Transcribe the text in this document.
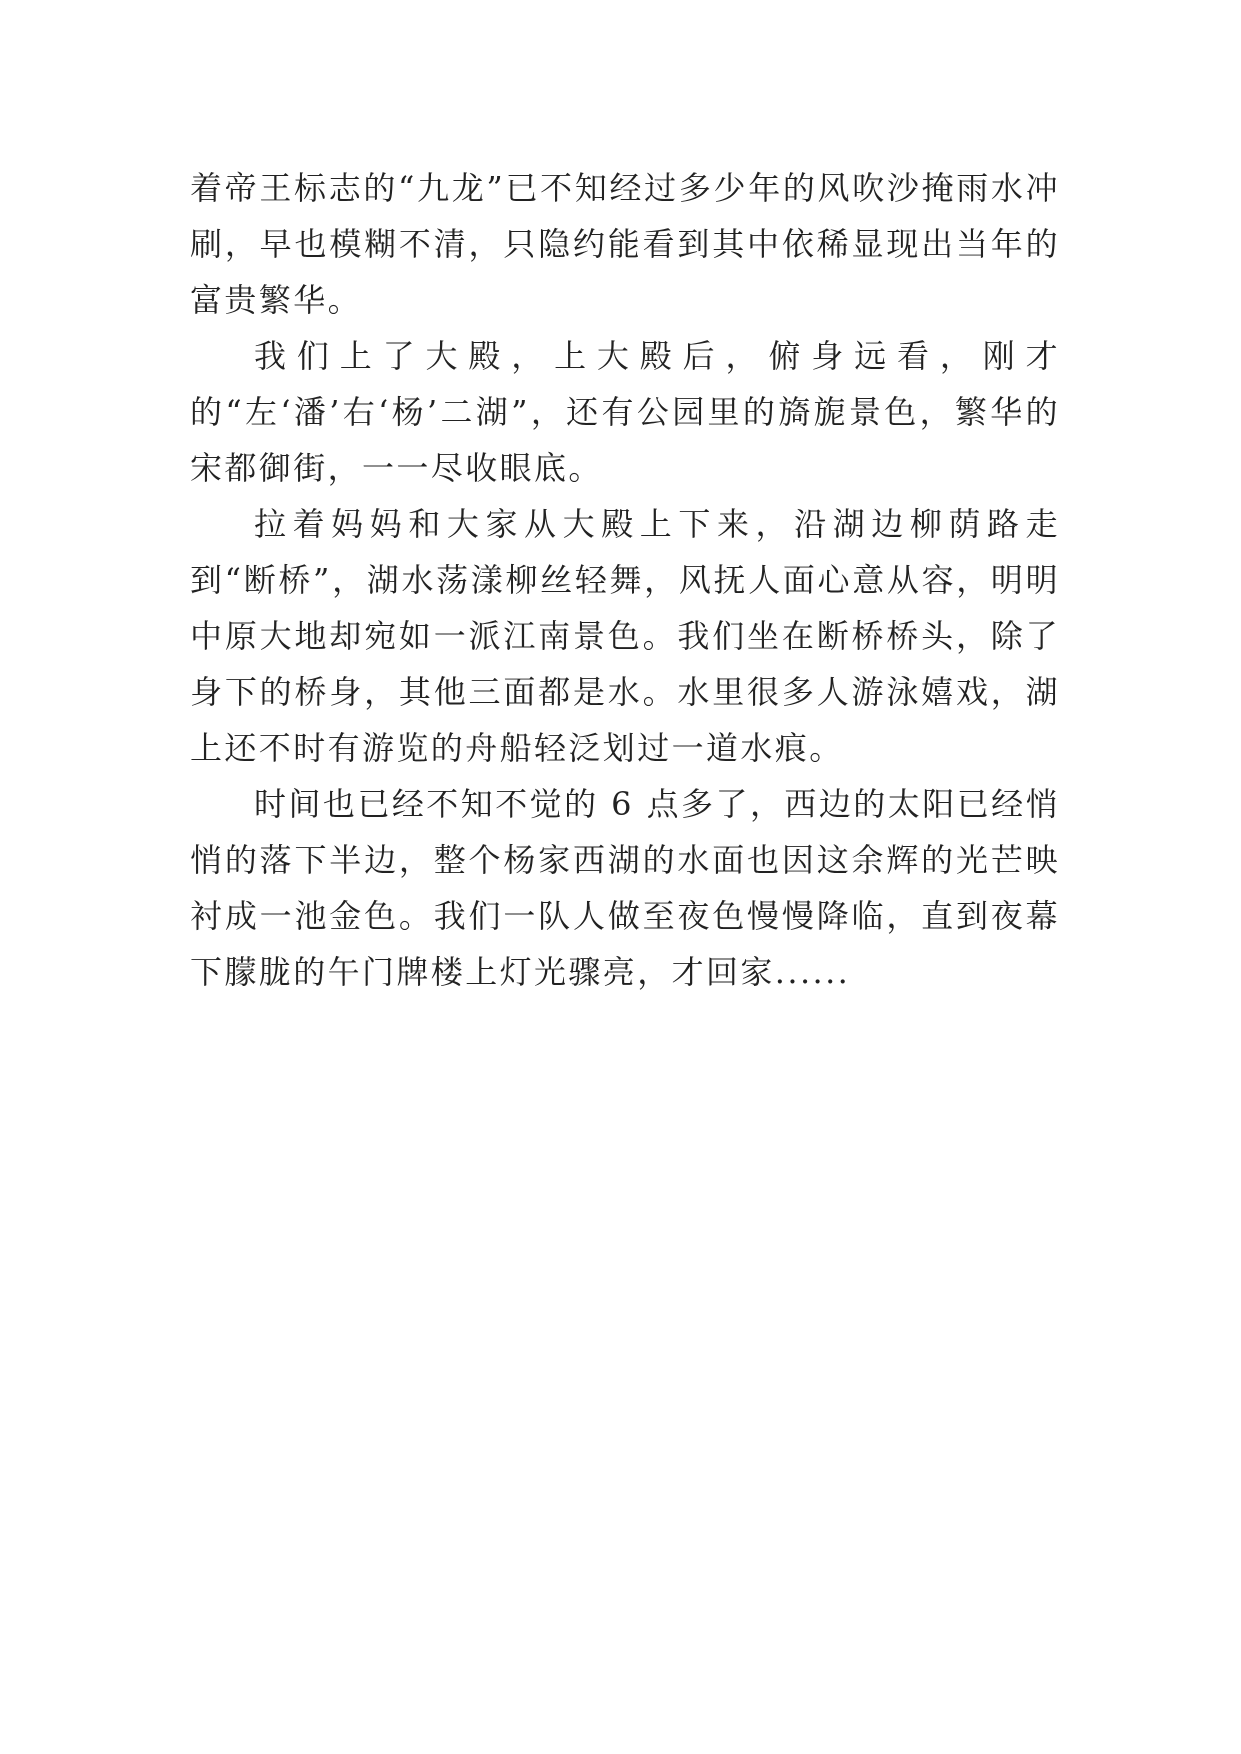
着帝王标志的“九龙”已不知经过多少年的风吹沙掩雨水冲刷，早也模糊不清，只隐约能看到其中依稀显现出当年的富贵繁华。

我们上了大殿，上大殿后，俯身远看，刚才的“左‘潘’右‘杨’二湖”，还有公园里的旖旎景色，繁华的宋都御街，一一尽收眼底。

拉着妈妈和大家从大殿上下来，沿湖边柳荫路走到“断桥”，湖水荡漾柳丝轻舞，风抚人面心意从容，明明中原大地却宛如一派江南景色。我们坐在断桥桥头，除了身下的桥身，其他三面都是水。水里很多人游泳嬉戏，湖上还不时有游览的舟船轻泛划过一道水痕。

时间也已经不知不觉的 6 点多了，西边的太阳已经悄悄的落下半边，整个杨家西湖的水面也因这余辉的光芒映衬成一池金色。我们一队人做至夜色慢慢降临，直到夜幕下朦胧的午门牌楼上灯光骤亮，才回家......
